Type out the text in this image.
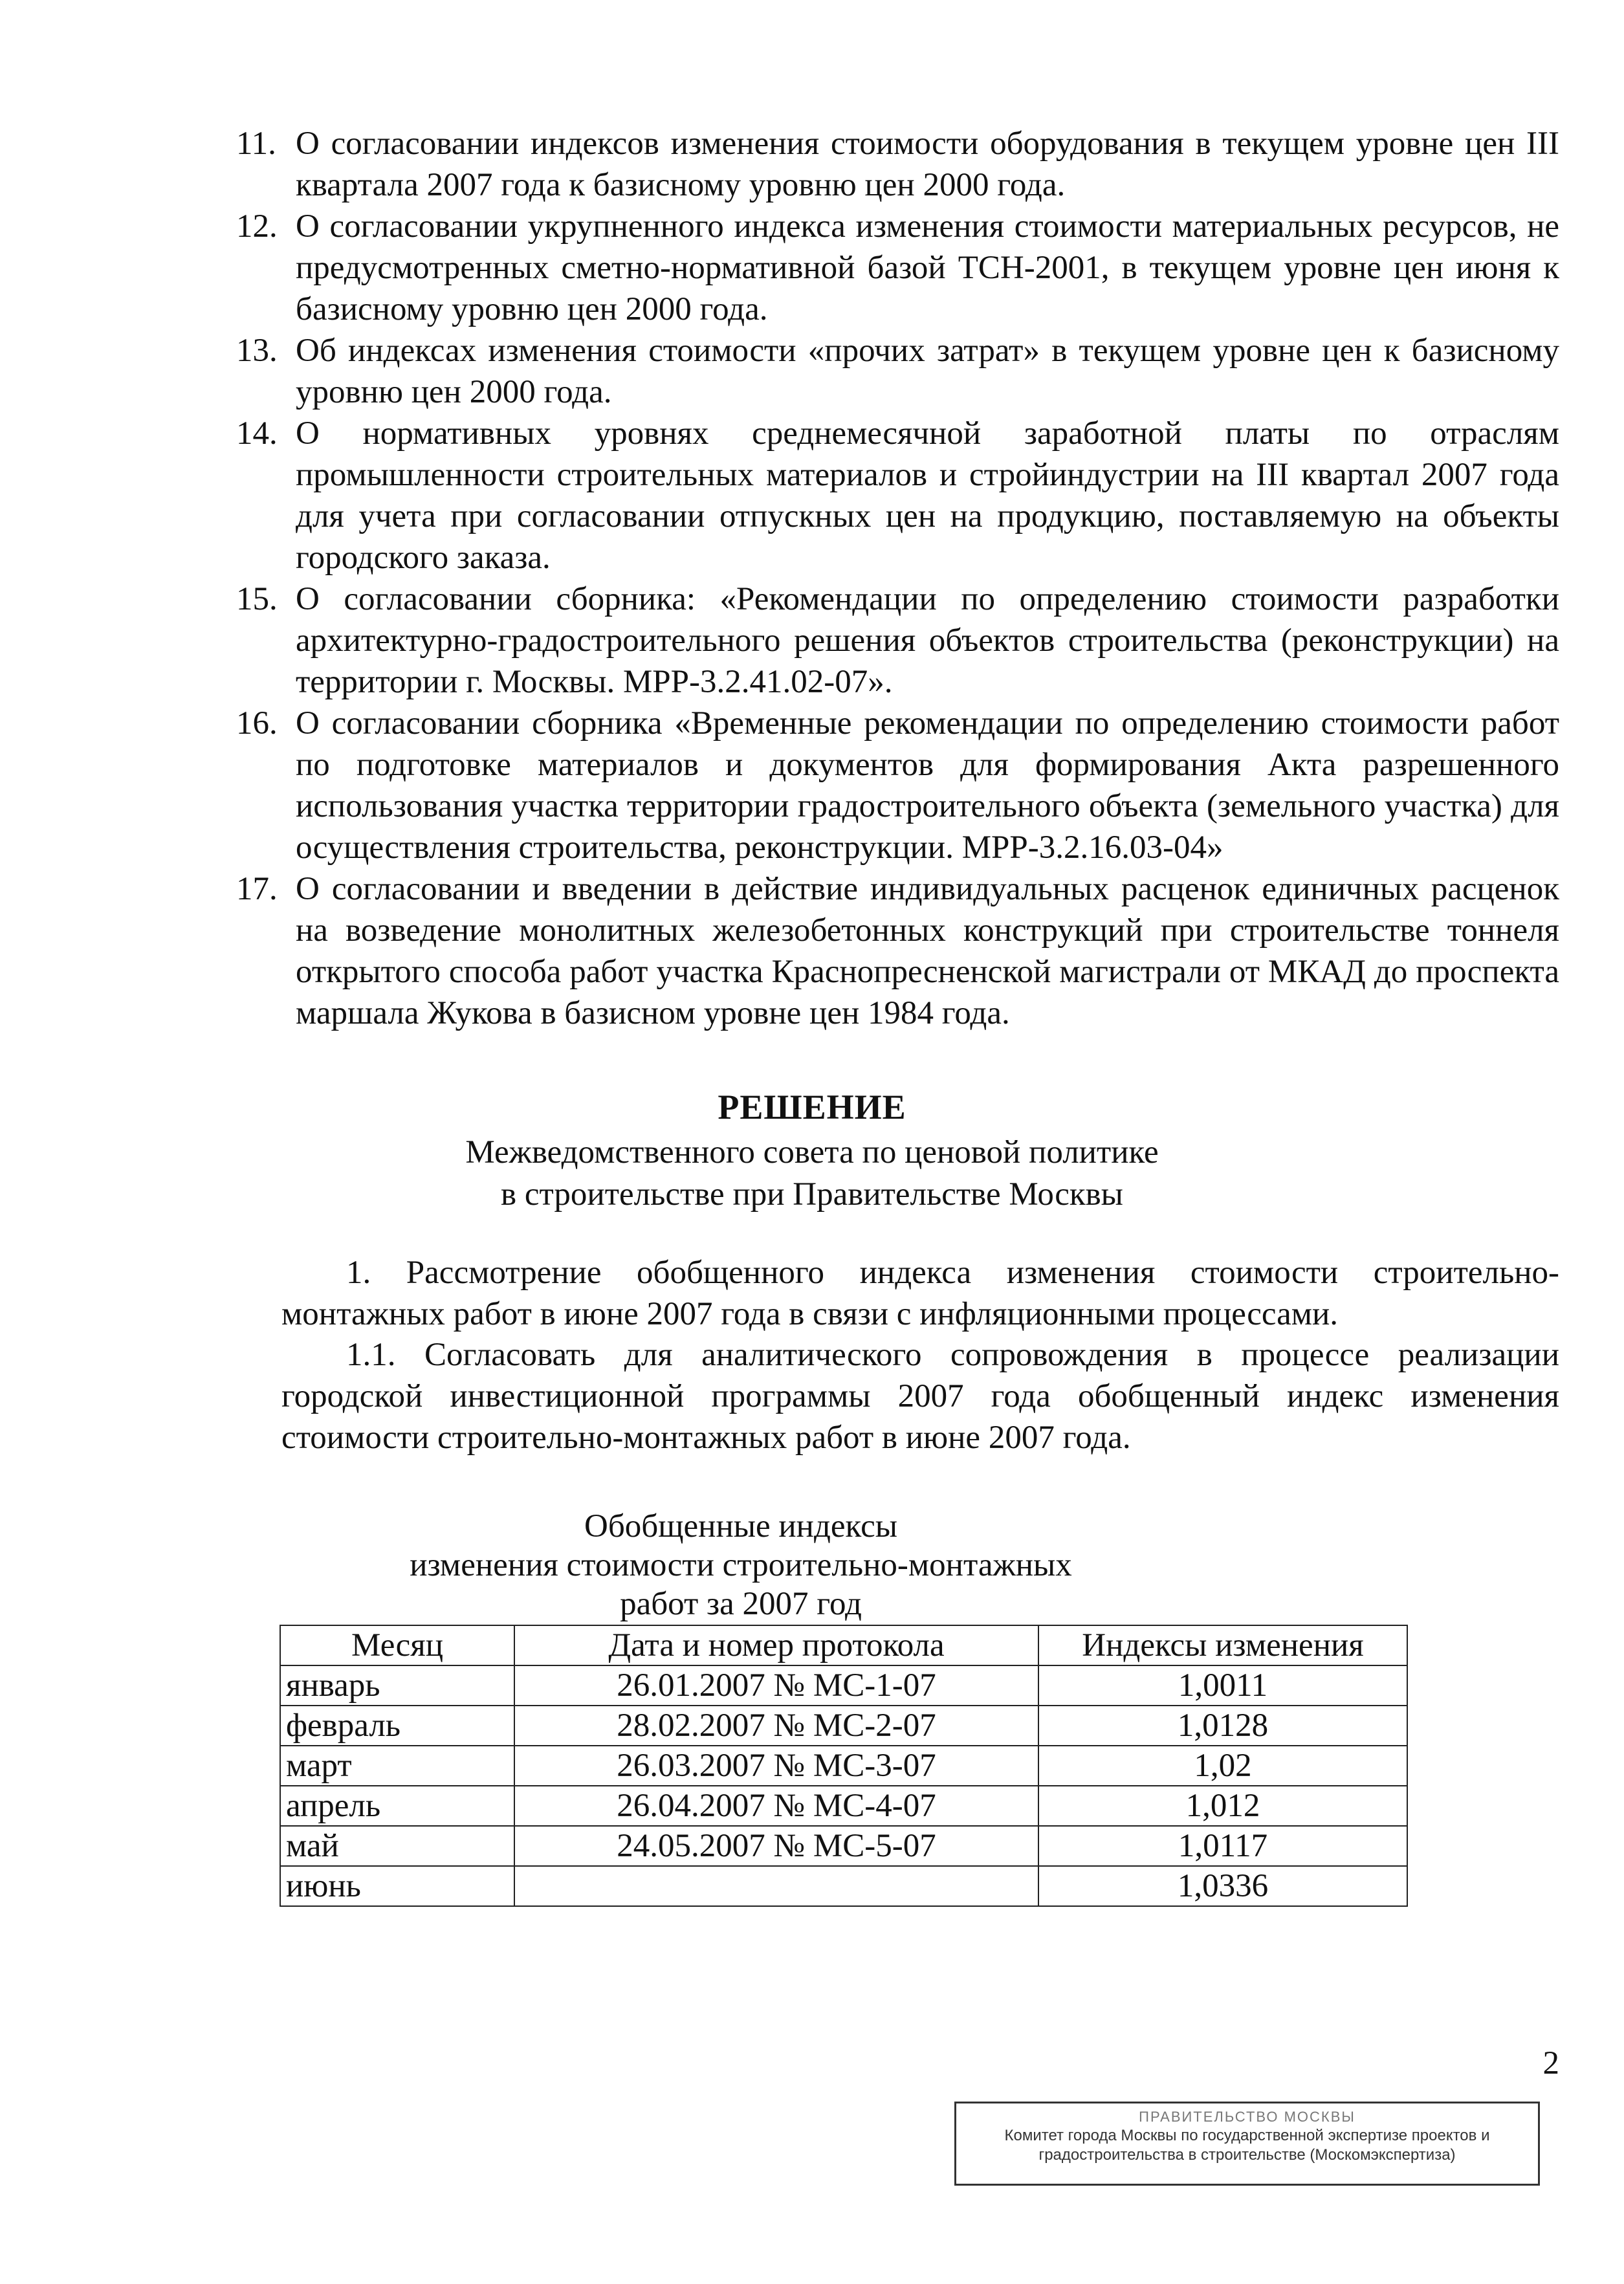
11. О согласовании индексов изменения стоимости оборудования в текущем уровне цен III квартала 2007 года к базисному уровню цен 2000 года.
12. О согласовании укрупненного индекса изменения стоимости материальных ресурсов, не предусмотренных сметно-нормативной базой ТСН-2001, в текущем уровне цен июня к базисному уровню цен 2000 года.
13. Об индексах изменения стоимости «прочих затрат» в текущем уровне цен к базисному уровню цен 2000 года.
14. О нормативных уровнях среднемесячной заработной платы по отраслям промышленности строительных материалов и стройиндустрии на III квартал 2007 года для учета при согласовании отпускных цен на продукцию, поставляемую на объекты городского заказа.
15. О согласовании сборника: «Рекомендации по определению стоимости разработки архитектурно-градостроительного решения объектов строительства (реконструкции) на территории г. Москвы. МРР-3.2.41.02-07».
16. О согласовании сборника «Временные рекомендации по определению стоимости работ по подготовке материалов и документов для формирования Акта разрешенного использования участка территории градостроительного объекта (земельного участка) для осуществления строительства, реконструкции. МРР-3.2.16.03-04»
17. О согласовании и введении в действие индивидуальных расценок единичных расценок на возведение монолитных железобетонных конструкций при строительстве тоннеля открытого способа работ участка Краснопресненской магистрали от МКАД до проспекта маршала Жукова в базисном уровне цен 1984 года.
РЕШЕНИЕ
Межведомственного совета по ценовой политике
в строительстве при Правительстве Москвы
1. Рассмотрение обобщенного индекса изменения стоимости строительно-монтажных работ в июне 2007 года в связи с инфляционными процессами.
1.1. Согласовать для аналитического сопровождения в процессе реализации городской инвестиционной программы 2007 года обобщенный индекс изменения стоимости строительно-монтажных работ в июне 2007 года.
Обобщенные индексы
изменения стоимости строительно-монтажных
работ за 2007 год
Месяц	Дата и номер протокола	Индексы изменения
январь	26.01.2007 № МС-1-07	1,0011
февраль	28.02.2007 № МС-2-07	1,0128
март	26.03.2007 № МС-3-07	1,02
апрель	26.04.2007 № МС-4-07	1,012
май	24.05.2007 № МС-5-07	1,0117
июнь		1,0336
2
ПРАВИТЕЛЬСТВО МОСКВЫ
Комитет города Москвы по государственной экспертизе проектов и
градостроительства в строительстве (Москомэкспертиза)
